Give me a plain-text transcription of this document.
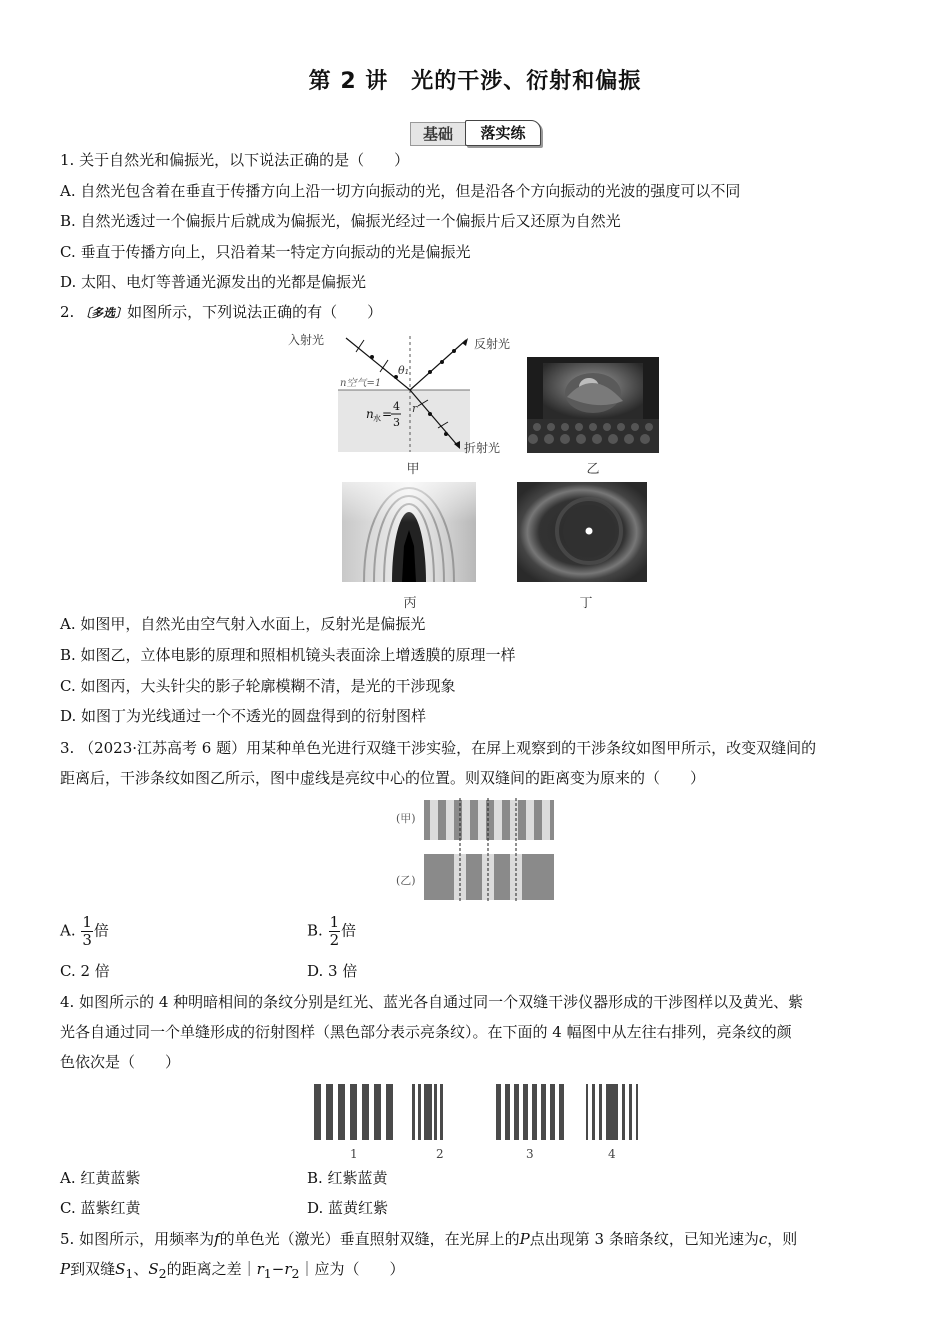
第 2 讲　光的干涉、衍射和偏振
基础	落实练
1. 关于自然光和偏振光，以下说法正确的是（　　）
A. 自然光包含着在垂直于传播方向上沿一切方向振动的光，但是沿各个方向振动的光波的强度可以不同
B. 自然光透过一个偏振片后就成为偏振光，偏振光经过一个偏振片后又还原为自然光
C. 垂直于传播方向上，只沿着某一特定方向振动的光是偏振光
D. 太阳、电灯等普通光源发出的光都是偏振光
2. 〔多选〕如图所示，下列说法正确的有（　　）
入射光	反射光
折射光
n空气=1
θ₁
r
n 水 =
4
3
甲	乙
丙	丁
A. 如图甲，自然光由空气射入水面上，反射光是偏振光
B. 如图乙，立体电影的原理和照相机镜头表面涂上增透膜的原理一样
C. 如图丙，大头针尖的影子轮廓模糊不清，是光的干涉现象
D. 如图丁为光线通过一个不透光的圆盘得到的衍射图样
3. （2023·江苏高考 6 题）用某种单色光进行双缝干涉实验，在屏上观察到的干涉条纹如图甲所示，改变双缝间的
距离后，干涉条纹如图乙所示，图中虚线是亮纹中心的位置。则双缝间的距离变为原来的（　　）
(甲)
(乙)
A. $\frac{1}{3}$ 倍	B. $\frac{1}{2}$ 倍
C. 2 倍	D. 3 倍
4. 如图所示的 4 种明暗相间的条纹分别是红光、蓝光各自通过同一个双缝干涉仪器形成的干涉图样以及黄光、紫
光各自通过同一个单缝形成的衍射图样（黑色部分表示亮条纹）。在下面的 4 幅图中从左往右排列，亮条纹的颜
色依次是（　　）
1	2	3	4
A. 红黄蓝紫	B. 红紫蓝黄
C. 蓝紫红黄	D. 蓝黄红紫
5. 如图所示，用频率为f的单色光（激光）垂直照射双缝，在光屏上的P点出现第 3 条暗条纹，已知光速为c，则
P到双缝$S_1$、$S_2$的距离之差$|r_1-r_2|$应为（　　）
